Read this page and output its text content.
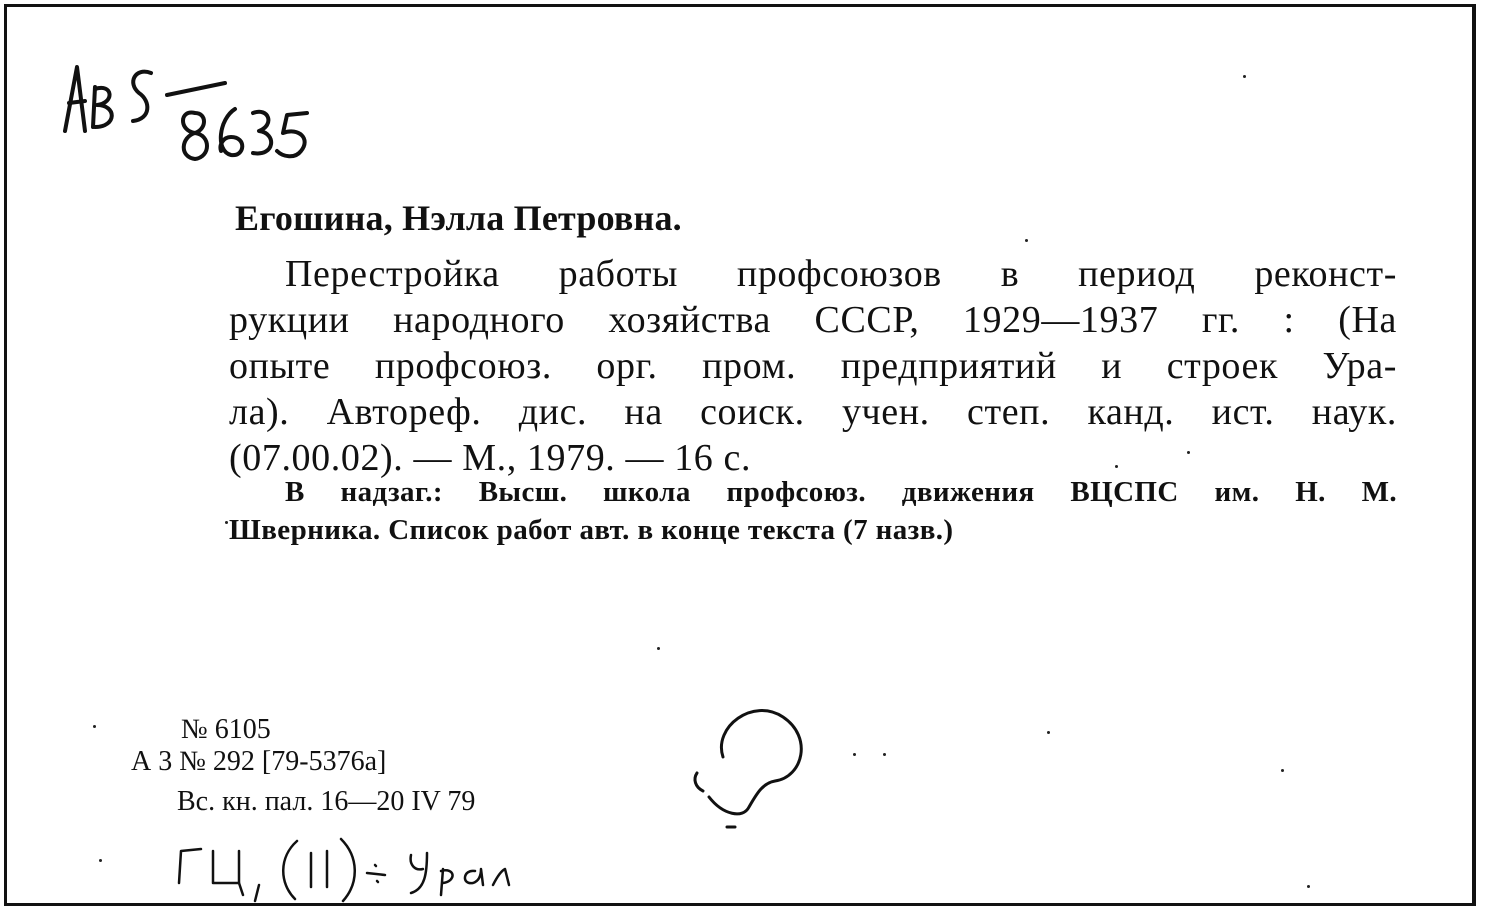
Егошина, Нэлла Петровна.
Перестройка работы профсоюзов в период реконст-
рукции народного хозяйства СССР, 1929—1937 гг. : (На
опыте профсоюз. орг. пром. предприятий и строек Ура-
ла). Автореф. дис. на соиск. учен. степ. канд. ист. наук.
(07.00.02). — М., 1979. — 16 с.
В надзаг.: Высш. школа профсоюз. движения ВЦСПС им. Н. М.
Шверника. Список работ авт. в конце текста (7 назв.)
№ 6105
А 3 № 292 [79-5376а]
Вс. кн. пал. 16—20 IV 79
